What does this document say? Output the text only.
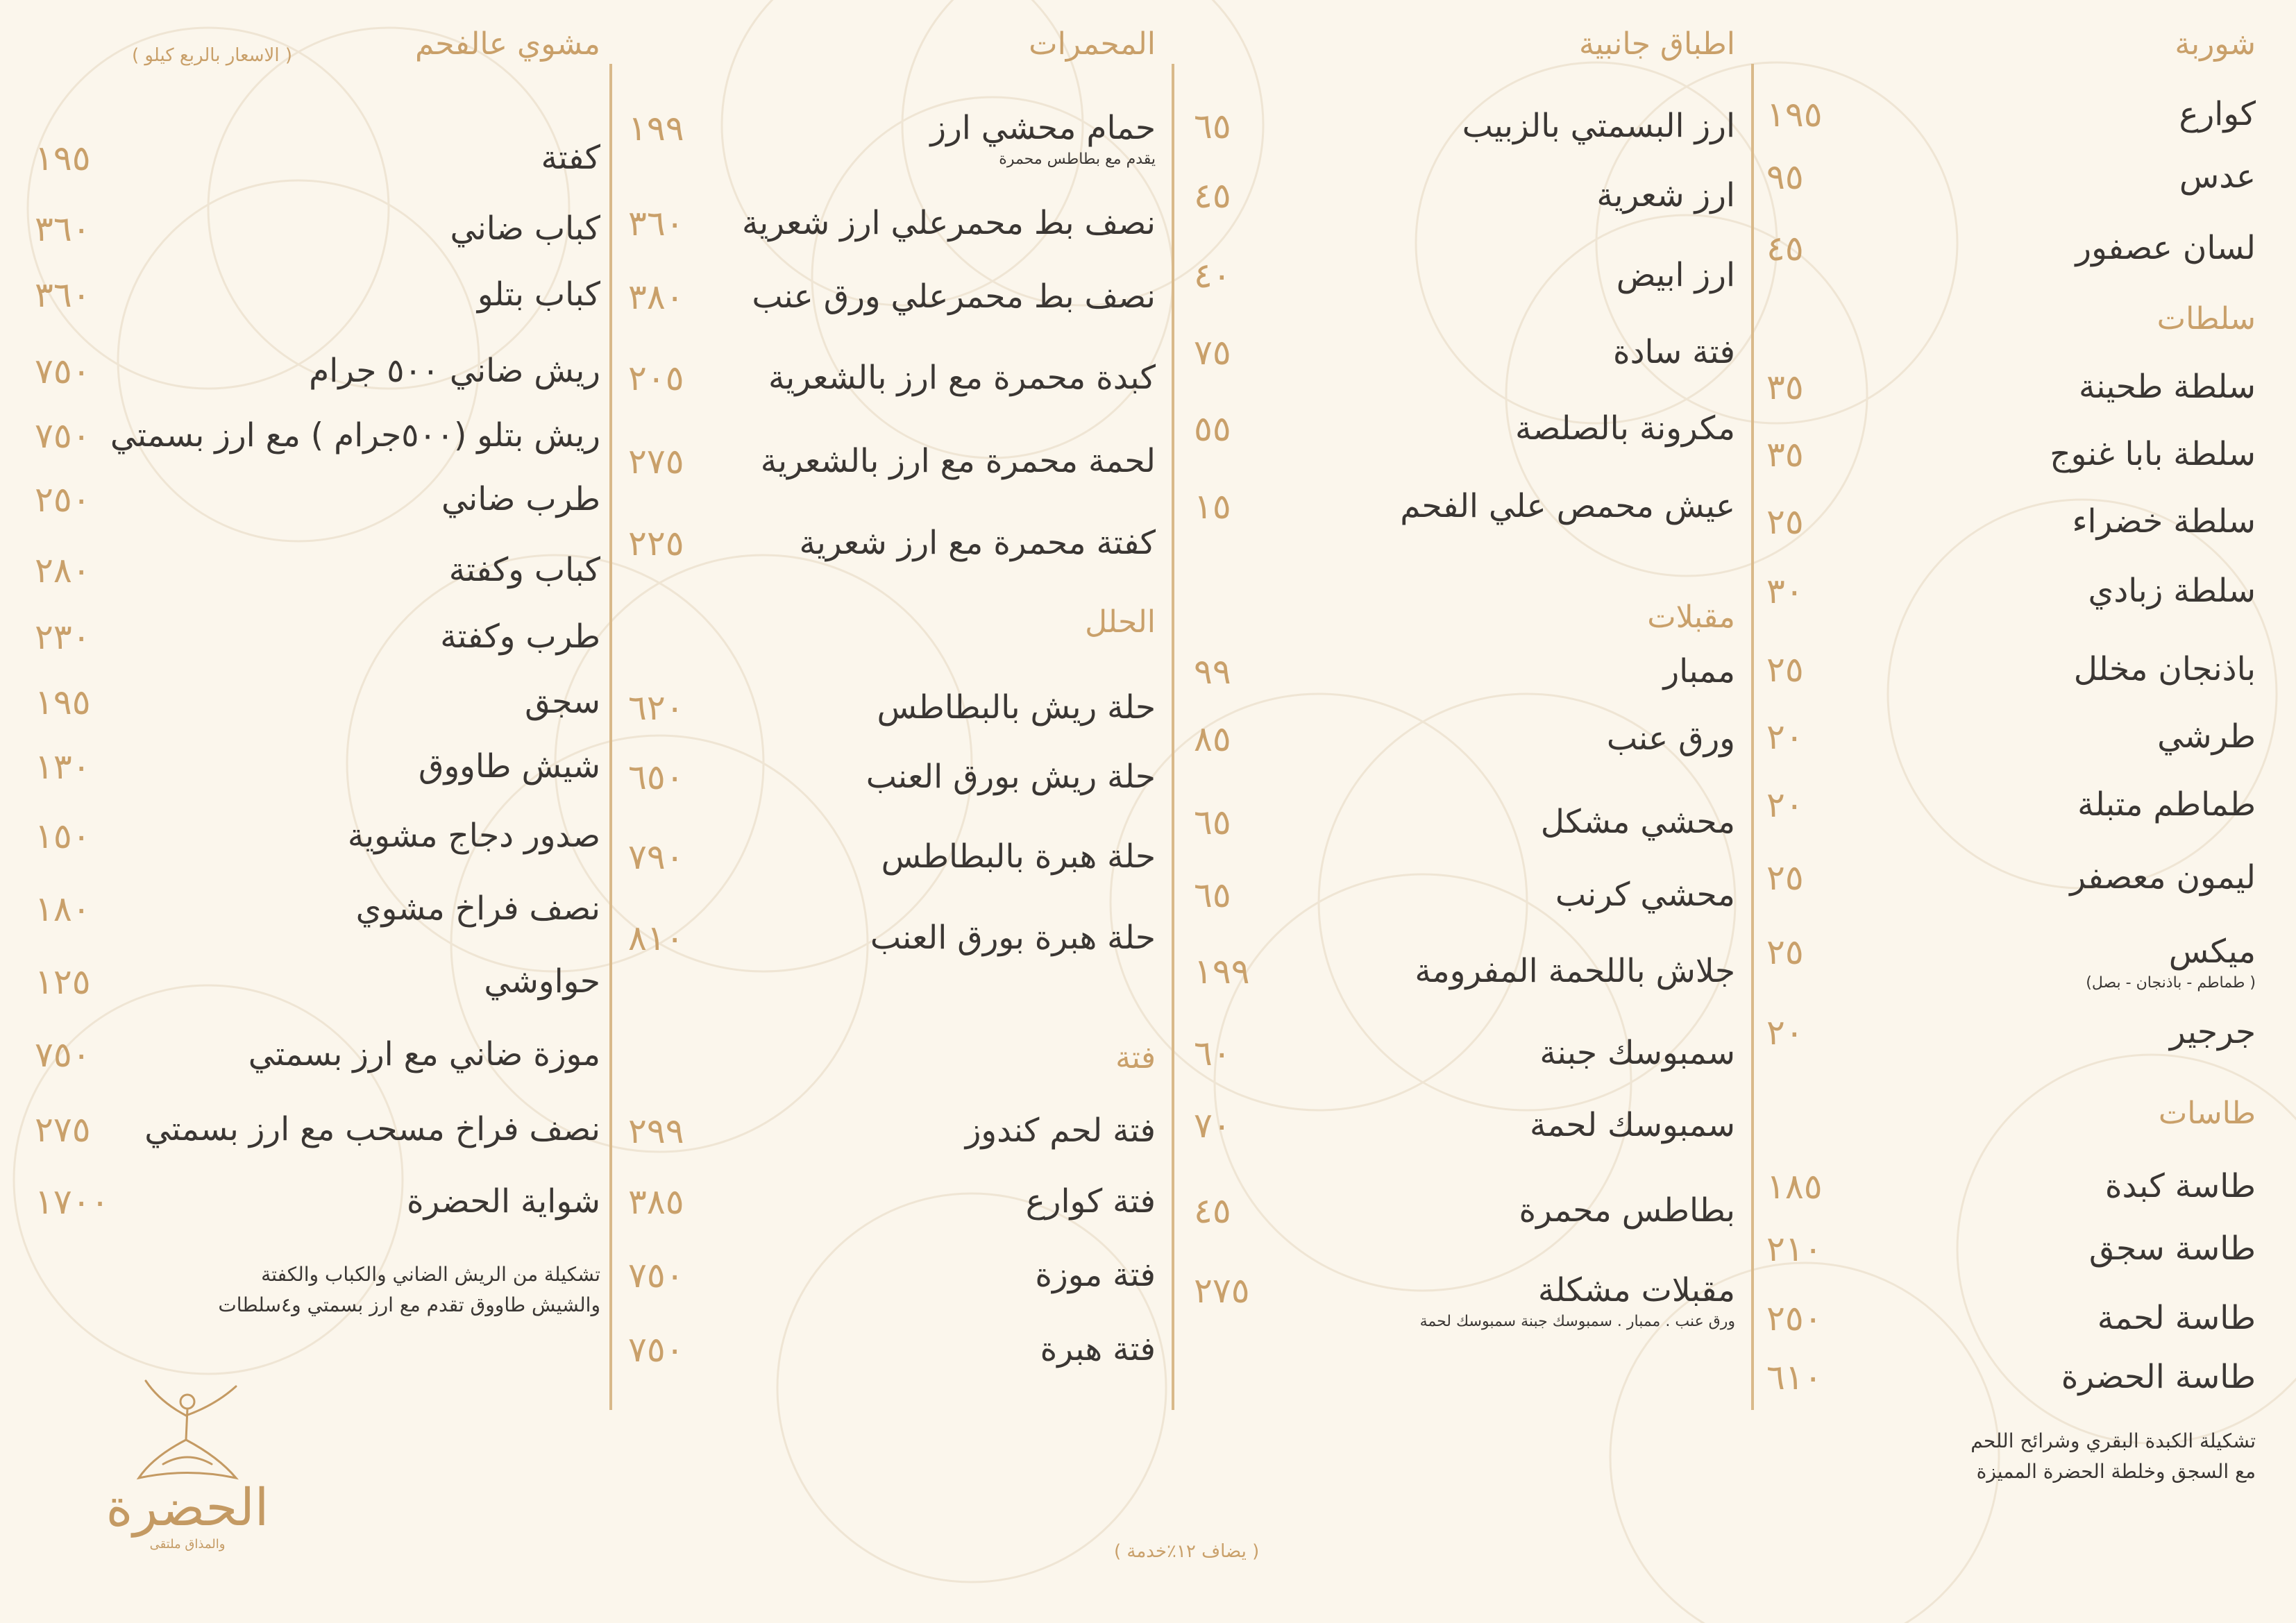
شوربة
كوارع
١٩٥
عدس
٩٥
لسان عصفور
٤٥
سلطات
سلطة طحينة
٣٥
سلطة بابا غنوج
٣٥
سلطة خضراء
٢٥
سلطة زبادي
٣٠
باذنجان مخلل
٢٥
طرشي
٢٠
طماطم متبلة
٢٠
ليمون معصفر
٢٥
ميكس
( طماطم - باذنجان - بصل)
٢٥
جرجير
٢٠
طاسات
طاسة كبدة
١٨٥
طاسة سجق
٢١٠
طاسة لحمة
٢٥٠
طاسة الحضرة
٦١٠
تشكيلة الكبدة البقري وشرائح اللحم
مع السجق وخلطة الحضرة المميزة
اطباق جانبية
ارز البسمتي بالزبيب
٦٥
ارز شعرية
٤٥
ارز ابيض
٤٠
فتة سادة
٧٥
مكرونة بالصلصة
٥٥
عيش محمص علي الفحم
١٥
مقبلات
ممبار
٩٩
ورق عنب
٨٥
محشي مشكل
٦٥
محشي كرنب
٦٥
جلاش باللحمة المفرومة
١٩٩
سمبوسك جبنة
٦٠
سمبوسك لحمة
٧٠
بطاطس محمرة
٤٥
مقبلات مشكلة
ورق عنب . ممبار . سمبوسك جبنة سمبوسك لحمة
٢٧٥
المحمرات
حمام محشي ارز
يقدم مع بطاطس محمرة
١٩٩
نصف بط محمرعلي ارز شعرية
٣٦٠
نصف بط محمرعلي ورق عنب
٣٨٠
كبدة محمرة مع ارز بالشعرية
٢٠٥
لحمة محمرة مع ارز بالشعرية
٢٧٥
كفتة محمرة مع ارز شعرية
٢٢٥
الحلل
حلة ريش بالبطاطس
٦٢٠
حلة ريش بورق العنب
٦٥٠
حلة هبرة بالبطاطس
٧٩٠
حلة هبرة بورق العنب
٨١٠
فتة
فتة لحم كندوز
٢٩٩
فتة كوارع
٣٨٥
فتة موزة
٧٥٠
فتة هبرة
٧٥٠
مشوي عالفحم
كفتة
١٩٥
كباب ضاني
٣٦٠
كباب بتلو
٣٦٠
ريش ضاني ٥٠٠ جرام
٧٥٠
ريش بتلو (٥٠٠جرام ) مع ارز بسمتي
٧٥٠
طرب ضاني
٢٥٠
كباب وكفتة
٢٨٠
طرب وكفتة
٢٣٠
سجق
١٩٥
شيش طاووق
١٣٠
صدور دجاج مشوية
١٥٠
نصف فراخ مشوي
١٨٠
حواوشي
١٢٥
موزة ضاني مع ارز بسمتي
٧٥٠
نصف فراخ مسحب مع ارز بسمتي
٢٧٥
شواية الحضرة
١٧٠٠
تشكيلة من الريش الضاني والكباب والكفتة
والشيش طاووق تقدم مع ارز بسمتي و٤سلطات
( الاسعار بالربع كيلو )
( يضاف ١٢٪خدمة )
الحضرة
والمذاق ملتقى
